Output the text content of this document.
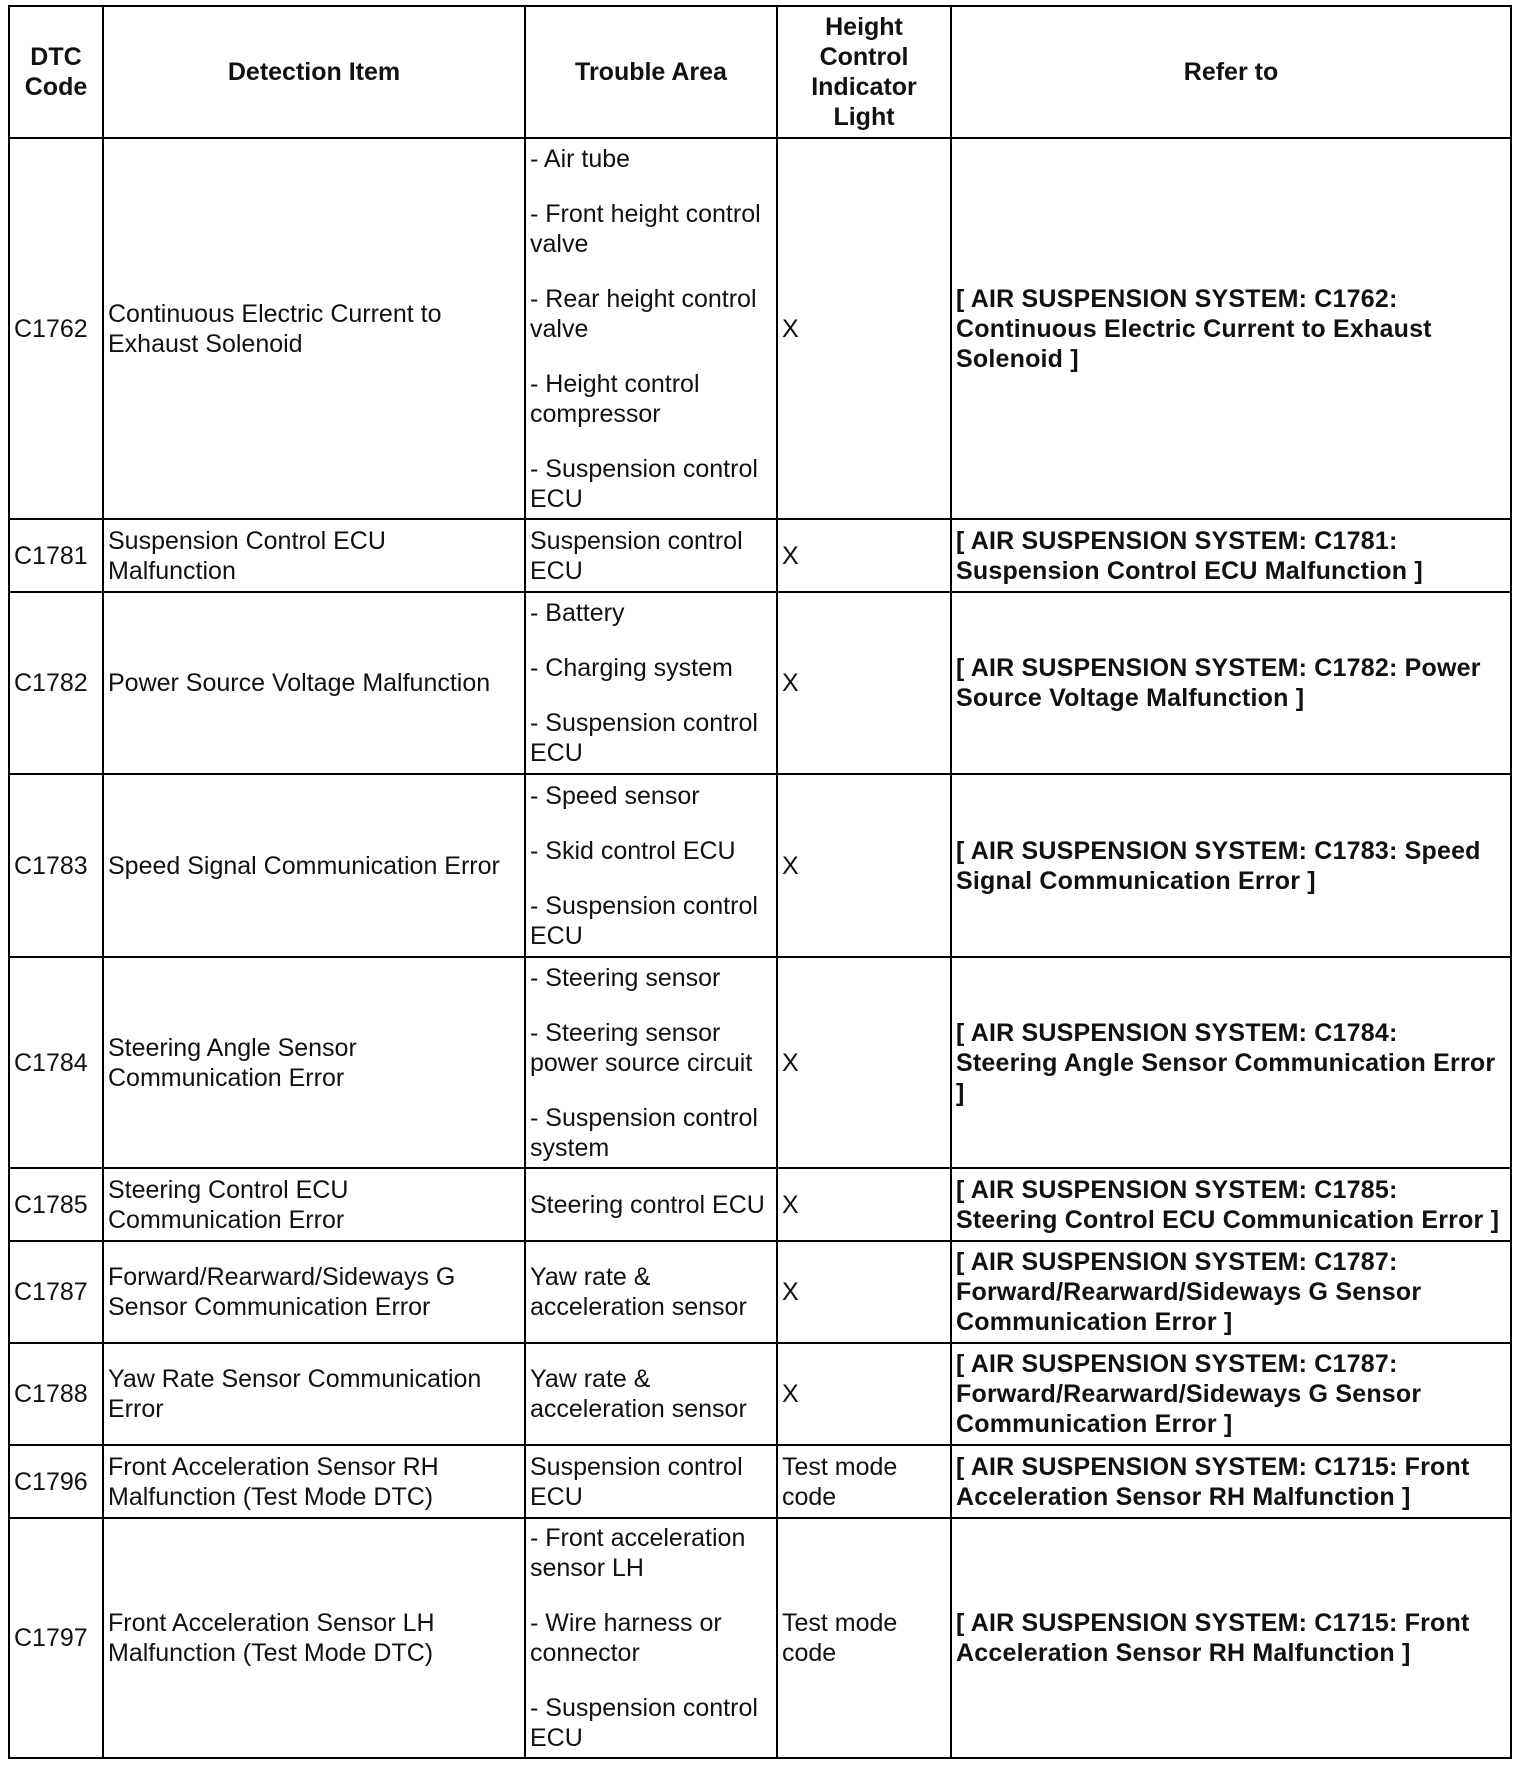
DTC Code	Detection Item	Trouble Area	Height Control Indicator Light	Refer to
C1762	Continuous Electric Current to Exhaust Solenoid	- Air tube
- Front height control valve
- Rear height control valve
- Height control compressor
- Suspension control ECU	X	[ AIR SUSPENSION SYSTEM: C1762: Continuous Electric Current to Exhaust Solenoid ]
C1781	Suspension Control ECU Malfunction	Suspension control ECU	X	[ AIR SUSPENSION SYSTEM: C1781: Suspension Control ECU Malfunction ]
C1782	Power Source Voltage Malfunction	- Battery
- Charging system
- Suspension control ECU	X	[ AIR SUSPENSION SYSTEM: C1782: Power Source Voltage Malfunction ]
C1783	Speed Signal Communication Error	- Speed sensor
- Skid control ECU
- Suspension control ECU	X	[ AIR SUSPENSION SYSTEM: C1783: Speed Signal Communication Error ]
C1784	Steering Angle Sensor Communication Error	- Steering sensor
- Steering sensor power source circuit
- Suspension control system	X	[ AIR SUSPENSION SYSTEM: C1784: Steering Angle Sensor Communication Error ]
C1785	Steering Control ECU Communication Error	Steering control ECU	X	[ AIR SUSPENSION SYSTEM: C1785: Steering Control ECU Communication Error ]
C1787	Forward/Rearward/Sideways G Sensor Communication Error	Yaw rate & acceleration sensor	X	[ AIR SUSPENSION SYSTEM: C1787: Forward/Rearward/Sideways G Sensor Communication Error ]
C1788	Yaw Rate Sensor Communication Error	Yaw rate & acceleration sensor	X	[ AIR SUSPENSION SYSTEM: C1787: Forward/Rearward/Sideways G Sensor Communication Error ]
C1796	Front Acceleration Sensor RH Malfunction (Test Mode DTC)	Suspension control ECU	Test mode code	[ AIR SUSPENSION SYSTEM: C1715: Front Acceleration Sensor RH Malfunction ]
C1797	Front Acceleration Sensor LH Malfunction (Test Mode DTC)	- Front acceleration sensor LH
- Wire harness or connector
- Suspension control ECU	Test mode code	[ AIR SUSPENSION SYSTEM: C1715: Front Acceleration Sensor RH Malfunction ]
